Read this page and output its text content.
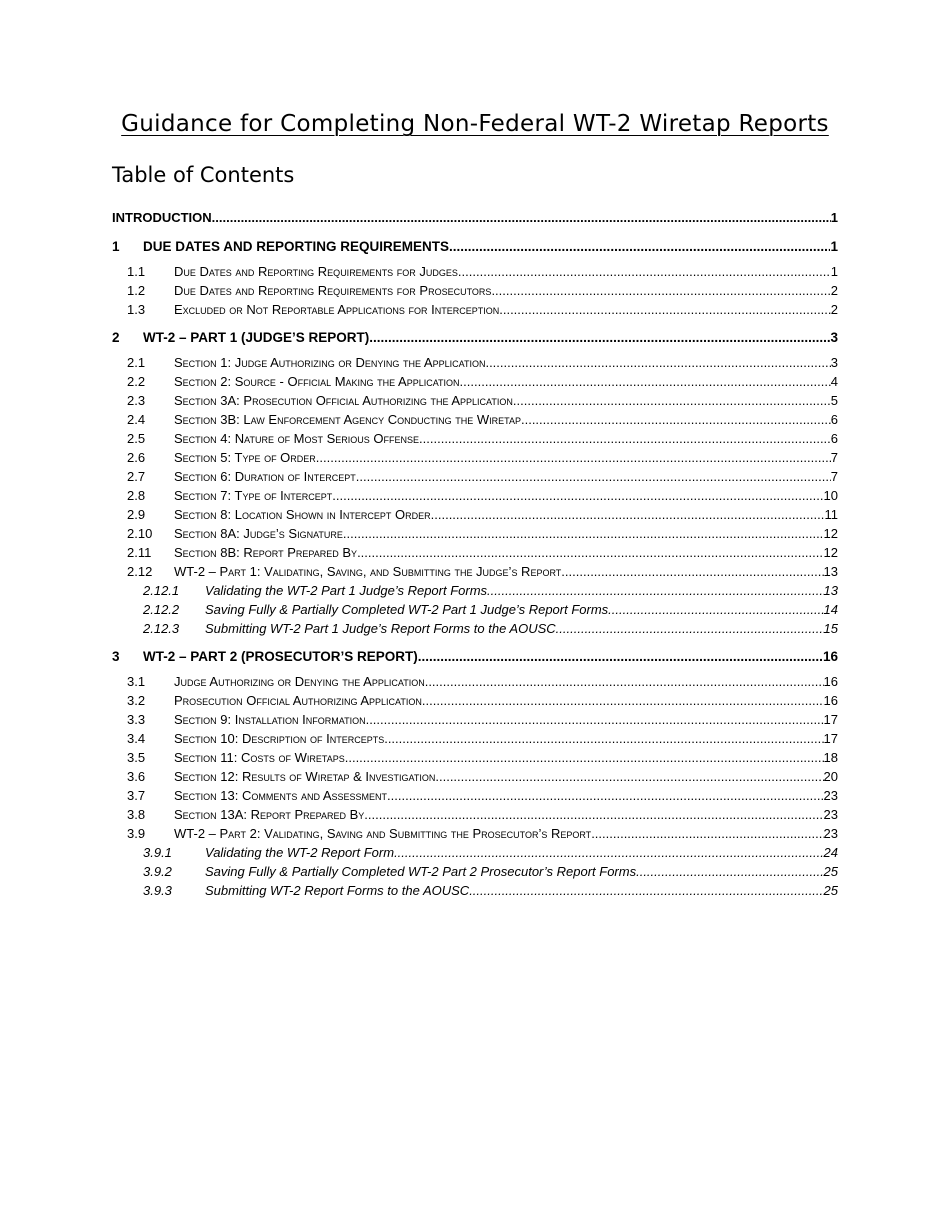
Guidance for Completing Non-Federal WT-2 Wiretap Reports
Table of Contents
INTRODUCTION .....	1
1	DUE DATES AND REPORTING REQUIREMENTS .....	1
1.1	Due Dates and Reporting Requirements for Judges .....	1
1.2	Due Dates and Reporting Requirements for Prosecutors .....	2
1.3	Excluded or Not Reportable Applications for Interception .....	2
2	WT-2 – PART 1 (JUDGE’S REPORT) .....	3
2.1	Section 1: Judge Authorizing or Denying the Application .....	3
2.2	Section 2: Source - Official Making the Application .....	4
2.3	Section 3A: Prosecution Official Authorizing the Application .....	5
2.4	Section 3B: Law Enforcement Agency Conducting the Wiretap .....	6
2.5	Section 4: Nature of Most Serious Offense .....	6
2.6	Section 5: Type of Order .....	7
2.7	Section 6: Duration of Intercept .....	7
2.8	Section 7: Type of Intercept .....	10
2.9	Section 8: Location Shown in Intercept Order .....	11
2.10	Section 8A: Judge’s Signature .....	12
2.11	Section 8B: Report Prepared By .....	12
2.12	WT-2 – Part 1: Validating, Saving, and Submitting the Judge’s Report .....	13
2.12.1	Validating the WT-2 Part 1 Judge’s Report Forms .....	13
2.12.2	Saving Fully & Partially Completed WT-2 Part 1 Judge’s Report Forms .....	14
2.12.3	Submitting WT-2 Part 1 Judge’s Report Forms to the AOUSC .....	15
3	WT-2 – PART 2 (PROSECUTOR’S REPORT) .....	16
3.1	Judge Authorizing or Denying the Application .....	16
3.2	Prosecution Official Authorizing Application .....	16
3.3	Section 9: Installation Information .....	17
3.4	Section 10: Description of Intercepts .....	17
3.5	Section 11: Costs of Wiretaps .....	18
3.6	Section 12: Results of Wiretap & Investigation .....	20
3.7	Section 13: Comments and Assessment .....	23
3.8	Section 13A: Report Prepared By .....	23
3.9	WT-2 – Part 2: Validating, Saving and Submitting the Prosecutor’s Report .....	23
3.9.1	Validating the WT-2 Report Form .....	24
3.9.2	Saving Fully & Partially Completed WT-2 Part 2 Prosecutor’s Report Forms .....	25
3.9.3	Submitting WT-2 Report Forms to the AOUSC .....	25
